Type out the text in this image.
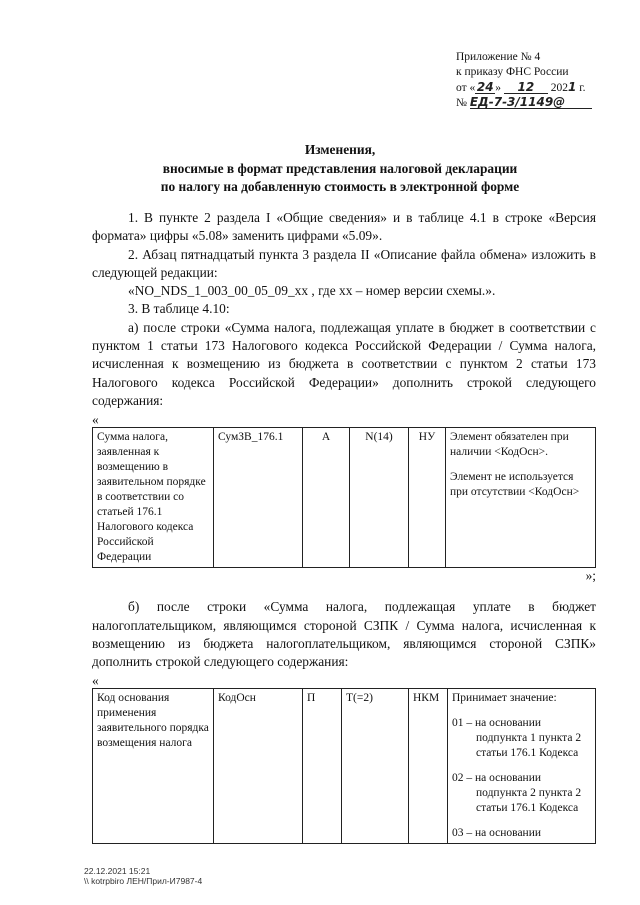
Приложение № 4
к приказу ФНС России
от « 24 » 12 2021 г.
№ ЕД-7-3/1149@
Изменения,
вносимые в формат представления налоговой декларации
по налогу на добавленную стоимость в электронной форме

1. В пункте 2 раздела I «Общие сведения» и в таблице 4.1 в строке «Версия формата» цифры «5.08» заменить цифрами «5.09».

2. Абзац пятнадцатый пункта 3 раздела II «Описание файла обмена» изложить в следующей редакции:

«NO_NDS_1_003_00_05_09_xx , где хх – номер версии схемы.».

3. В таблице 4.10:

а) после строки «Сумма налога, подлежащая уплате в бюджет в соответствии с пунктом 1 статьи 173 Налогового кодекса Российской Федерации / Сумма налога, исчисленная к возмещению из бюджета в соответствии с пунктом 2 статьи 173 Налогового кодекса Российской Федерации» дополнить строкой следующего содержания:

«

Сумма налога, заявленная к возмещению в заявительном порядке в соответствии со статьей 176.1 Налогового кодекса Российской Федерации	СумЗВ_176.1	А	N(14)	НУ	Элемент обязателен при наличии <КодОсн>.

Элемент не используется при отсутствии <КодОсн>

»;

б) после строки «Сумма налога, подлежащая уплате в бюджет налогоплательщиком, являющимся стороной СЗПК / Сумма налога, исчисленная к возмещению из бюджета налогоплательщиком, являющимся стороной СЗПК» дополнить строкой следующего содержания:

«

Код основания применения заявительного порядка возмещения налога	КодОсн	П	T(=2)	НКМ	Принимает значение:

01 – на основании

подпункта 1 пункта 2 статьи 176.1 Кодекса

02 – на основании

подпункта 2 пункта 2 статьи 176.1 Кодекса

03 – на основании
22.12.2021 15:21
\\ kotrpbiro ЛЕН/Прил-И7987-4
